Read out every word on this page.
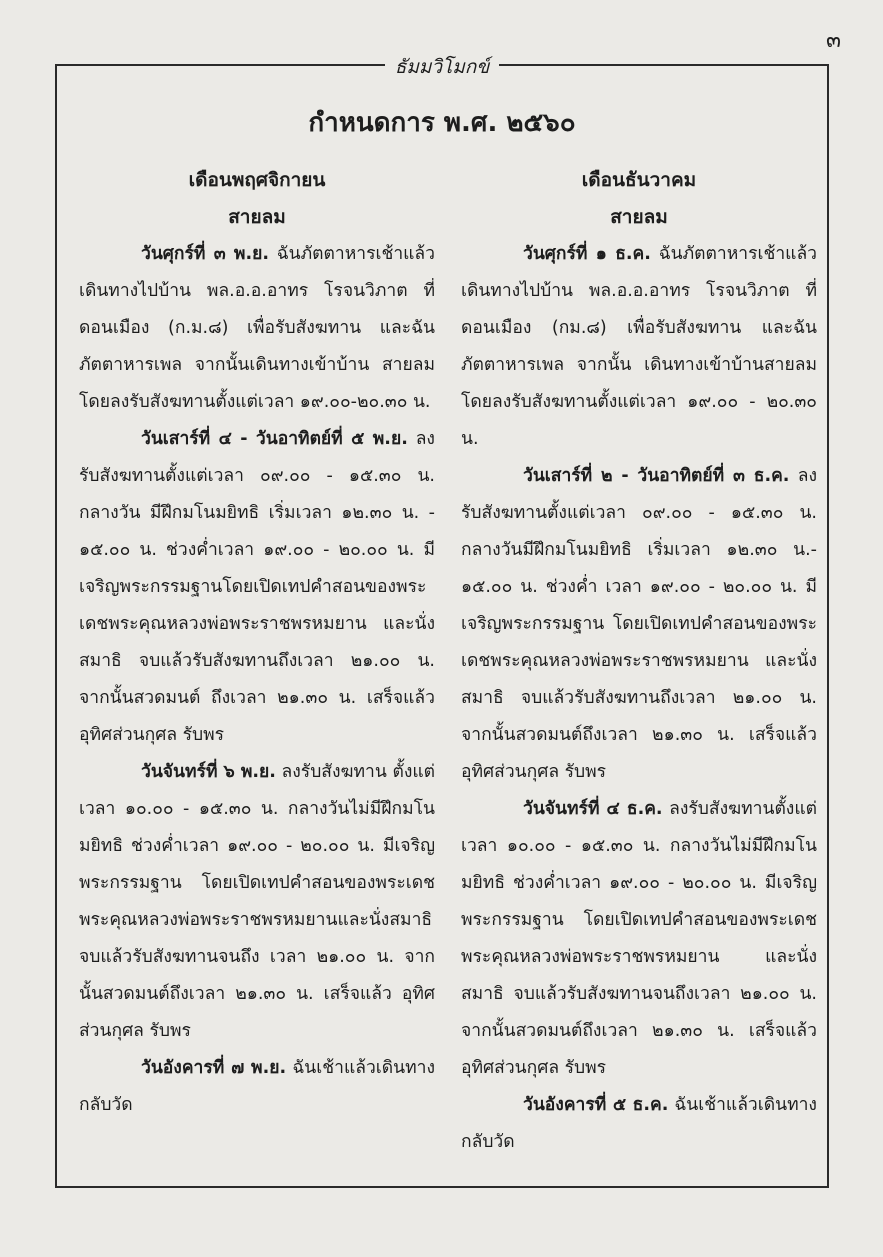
๓
ธัมมวิโมกข์
กำหนดการ พ.ศ. ๒๕๖๐
เดือนพฤศจิกายน
สายลม

วันศุกร์ที่ ๓ พ.ย. ฉันภัตตาหารเช้าแล้ว เดินทางไปบ้าน พล.อ.อ.อาทร โรจนวิภาต ที่ดอนเมือง (ก.ม.๘) เพื่อรับสังฆทาน และฉันภัตตาหารเพล จากนั้นเดินทางเข้าบ้าน สายลม โดยลงรับสังฆทานตั้งแต่เวลา ๑๙.๐๐-๒๐.๓๐ น.

วันเสาร์ที่ ๔ - วันอาทิตย์ที่ ๕ พ.ย. ลงรับสังฆทานตั้งแต่เวลา ๐๙.๐๐ - ๑๕.๓๐ น. กลางวัน มีฝึกมโนมยิทธิ เริ่มเวลา ๑๒.๓๐ น. - ๑๕.๐๐ น. ช่วงค่ำเวลา ๑๙.๐๐ - ๒๐.๐๐ น. มีเจริญพระกรรมฐานโดยเปิดเทปคำสอนของพระเดชพระคุณหลวงพ่อพระราชพรหมยาน และนั่งสมาธิ จบแล้วรับสังฆทานถึงเวลา ๒๑.๐๐ น. จากนั้นสวดมนต์ ถึงเวลา ๒๑.๓๐ น. เสร็จแล้วอุทิศส่วนกุศล รับพร

วันจันทร์ที่ ๖ พ.ย. ลงรับสังฆทาน ตั้งแต่เวลา ๑๐.๐๐ - ๑๕.๓๐ น. กลางวันไม่มีฝึกมโนมยิทธิ ช่วงค่ำเวลา ๑๙.๐๐ - ๒๐.๐๐ น. มีเจริญพระกรรมฐาน โดยเปิดเทปคำสอนของพระเดชพระคุณหลวงพ่อพระราชพรหมยานและนั่งสมาธิ จบแล้วรับสังฆทานจนถึง เวลา ๒๑.๐๐ น. จากนั้นสวดมนต์ถึงเวลา ๒๑.๓๐ น. เสร็จแล้ว อุทิศส่วนกุศล รับพร

วันอังคารที่ ๗ พ.ย. ฉันเช้าแล้วเดินทางกลับวัด

เดือนธันวาคม
สายลม

วันศุกร์ที่ ๑ ธ.ค. ฉันภัตตาหารเช้าแล้วเดินทางไปบ้าน พล.อ.อ.อาทร โรจนวิภาต ที่ดอนเมือง (กม.๘) เพื่อรับสังฆทาน และฉันภัตตาหารเพล จากนั้น เดินทางเข้าบ้านสายลม โดยลงรับสังฆทานตั้งแต่เวลา ๑๙.๐๐ - ๒๐.๓๐ น.

วันเสาร์ที่ ๒ - วันอาทิตย์ที่ ๓ ธ.ค. ลงรับสังฆทานตั้งแต่เวลา ๐๙.๐๐ - ๑๕.๓๐ น. กลางวันมีฝึกมโนมยิทธิ เริ่มเวลา ๑๒.๓๐ น.- ๑๕.๐๐ น. ช่วงค่ำ เวลา ๑๙.๐๐ - ๒๐.๐๐ น. มีเจริญพระกรรมฐาน โดยเปิดเทปคำสอนของพระเดชพระคุณหลวงพ่อพระราชพรหมยาน และนั่งสมาธิ จบแล้วรับสังฆทานถึงเวลา ๒๑.๐๐ น. จากนั้นสวดมนต์ถึงเวลา ๒๑.๓๐ น. เสร็จแล้วอุทิศส่วนกุศล รับพร

วันจันทร์ที่ ๔ ธ.ค. ลงรับสังฆทานตั้งแต่เวลา ๑๐.๐๐ - ๑๕.๓๐ น. กลางวันไม่มีฝึกมโนมยิทธิ ช่วงค่ำเวลา ๑๙.๐๐ - ๒๐.๐๐ น. มีเจริญพระกรรมฐาน โดยเปิดเทปคำสอนของพระเดชพระคุณหลวงพ่อพระราชพรหมยาน และนั่งสมาธิ จบแล้วรับสังฆทานจนถึงเวลา ๒๑.๐๐ น. จากนั้นสวดมนต์ถึงเวลา ๒๑.๓๐ น. เสร็จแล้วอุทิศส่วนกุศล รับพร

วันอังคารที่ ๕ ธ.ค. ฉันเช้าแล้วเดินทางกลับวัด
